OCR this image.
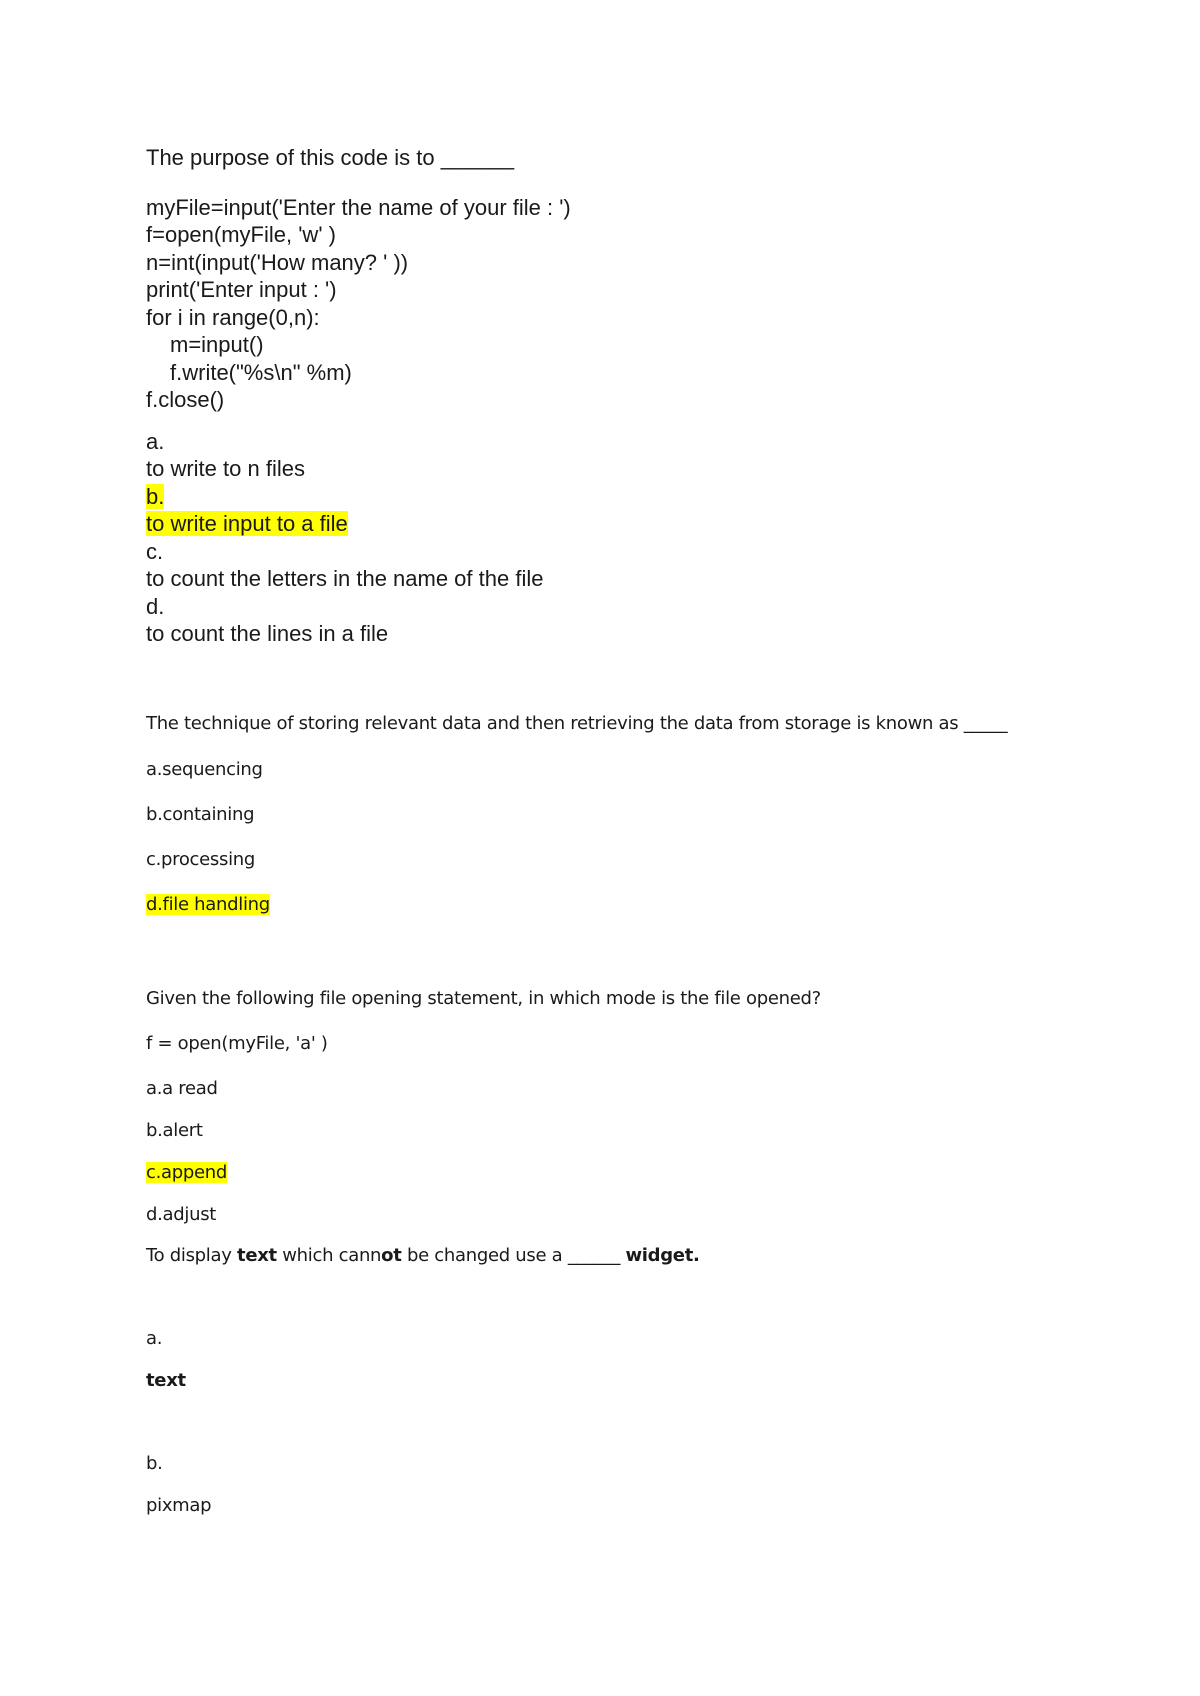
The purpose of this code is to ______
myFile=input('Enter the name of your file : ')
f=open(myFile, 'w' )
n=int(input('How many? ' ))
print('Enter input : ')
for i in range(0,n):
m=input()
f.write("%s\n" %m)
f.close()
a.
to write to n files
b.
to write input to a file
c.
to count the letters in the name of the file
d.
to count the lines in a file
The technique of storing relevant data and then retrieving the data from storage is known as _____
a.sequencing
b.containing
c.processing
d.file handling
Given the following file opening statement, in which mode is the file opened?
f = open(myFile, 'a' )
a.a read
b.alert
c.append
d.adjust
To display text which cannot be changed use a ______ widget.
a.
text
b.
pixmap
